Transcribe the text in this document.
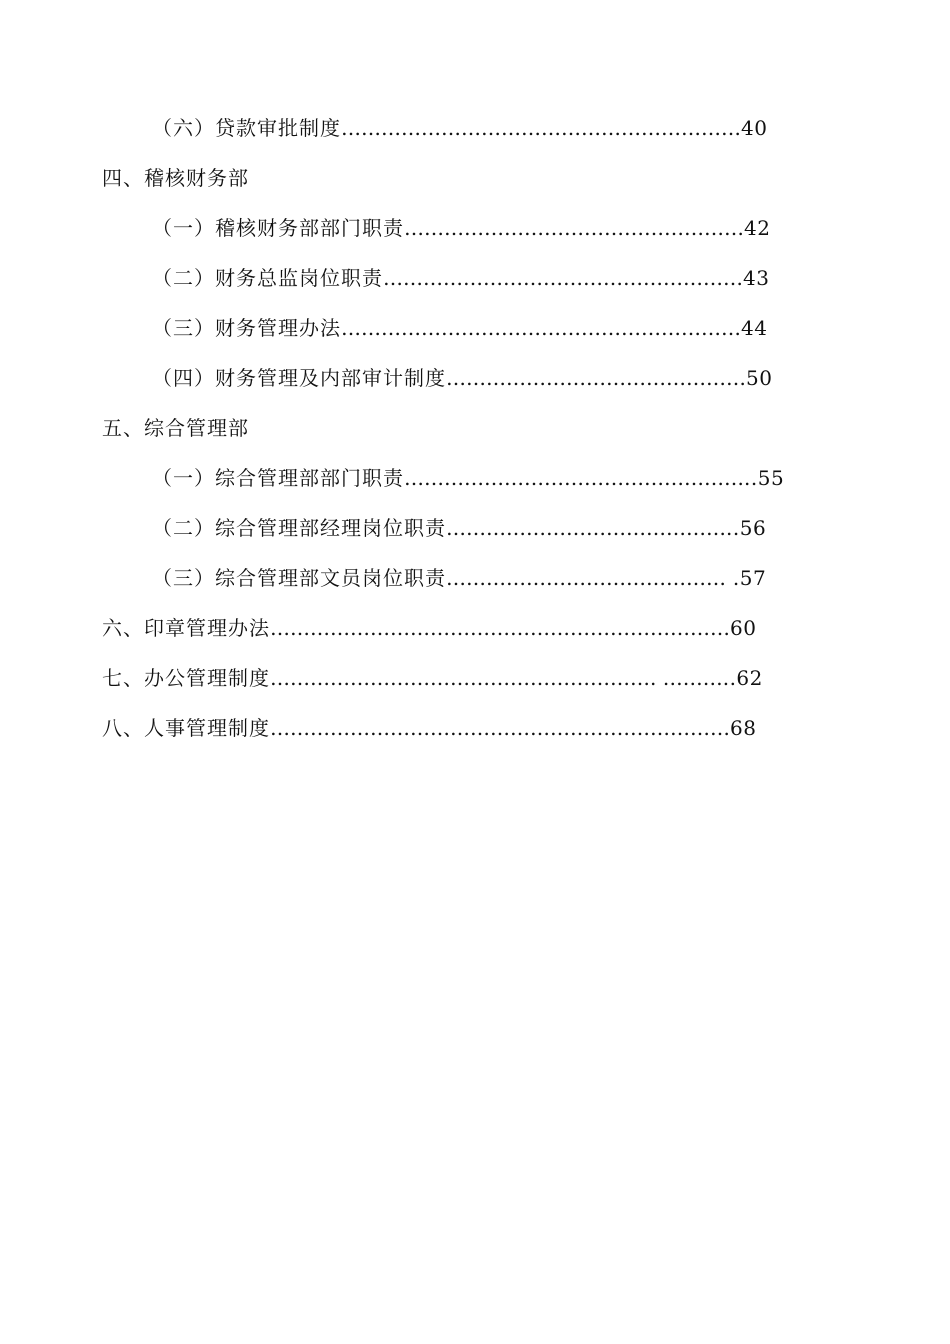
（六）贷款审批制度……………………………………………………40
四、稽核财务部
（一）稽核财务部部门职责……………………………………………42
（二）财务总监岗位职责………………………………………………43
（三）财务管理办法……………………………………………………44
（四）财务管理及内部审计制度………………………………………50
五、综合管理部
（一）综合管理部部门职责……………………………………………..55
（二）综合管理部经理岗位职责……………………………………..56
（三）综合管理部文员岗位职责…………………………………… .57
六、印章管理办法……………………………………………………………60
七、办公管理制度…………………………………………………. ………..62
八、人事管理制度……………………………………………………………68
